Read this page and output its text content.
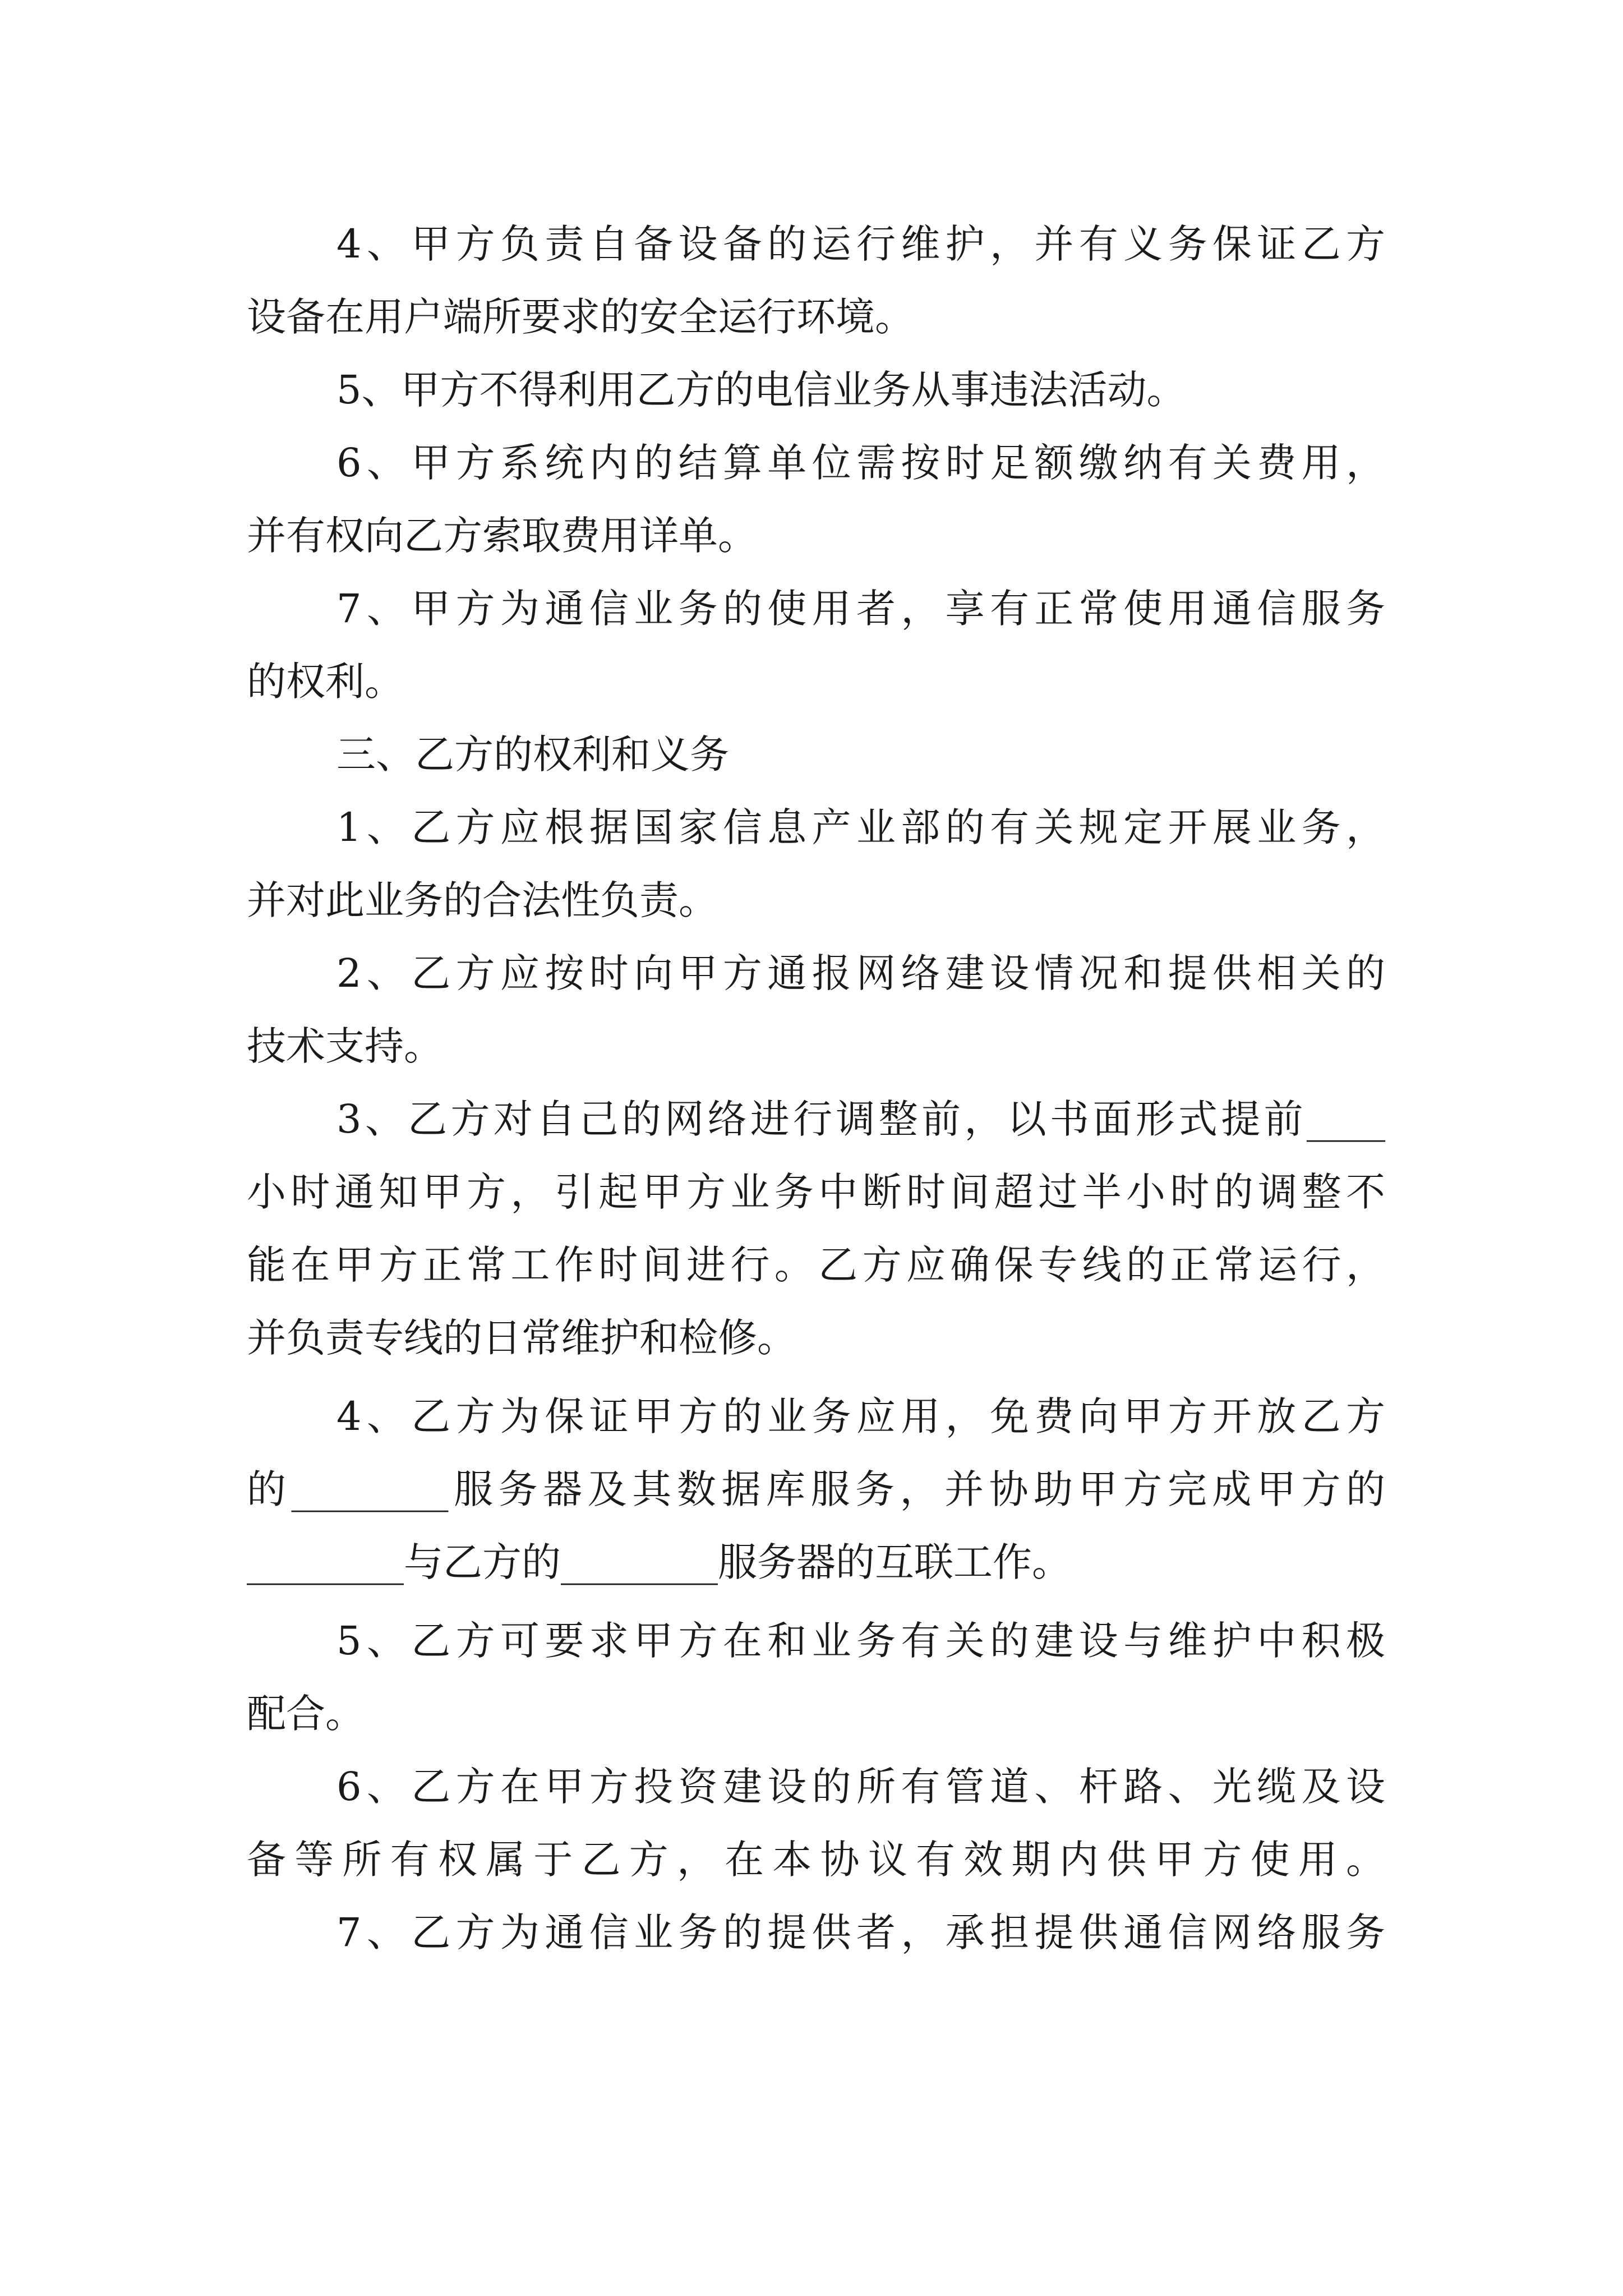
4、甲方负责自备设备的运行维护，并有义务保证乙方
设备在用户端所要求的安全运行环境。
5、甲方不得利用乙方的电信业务从事违法活动。
6、甲方系统内的结算单位需按时足额缴纳有关费用，
并有权向乙方索取费用详单。
7、甲方为通信业务的使用者，享有正常使用通信服务
的权利。
三、乙方的权利和义务
1、乙方应根据国家信息产业部的有关规定开展业务，
并对此业务的合法性负责。
2、乙方应按时向甲方通报网络建设情况和提供相关的
技术支持。
3、乙方对自己的网络进行调整前，以书面形式提前____
小时通知甲方，引起甲方业务中断时间超过半小时的调整不
能在甲方正常工作时间进行。乙方应确保专线的正常运行，
并负责专线的日常维护和检修。
4、乙方为保证甲方的业务应用，免费向甲方开放乙方
的________服务器及其数据库服务，并协助甲方完成甲方的
________与乙方的________服务器的互联工作。
5、乙方可要求甲方在和业务有关的建设与维护中积极
配合。
6、乙方在甲方投资建设的所有管道、杆路、光缆及设
备等所有权属于乙方，在本协议有效期内供甲方使用。
7、乙方为通信业务的提供者，承担提供通信网络服务
